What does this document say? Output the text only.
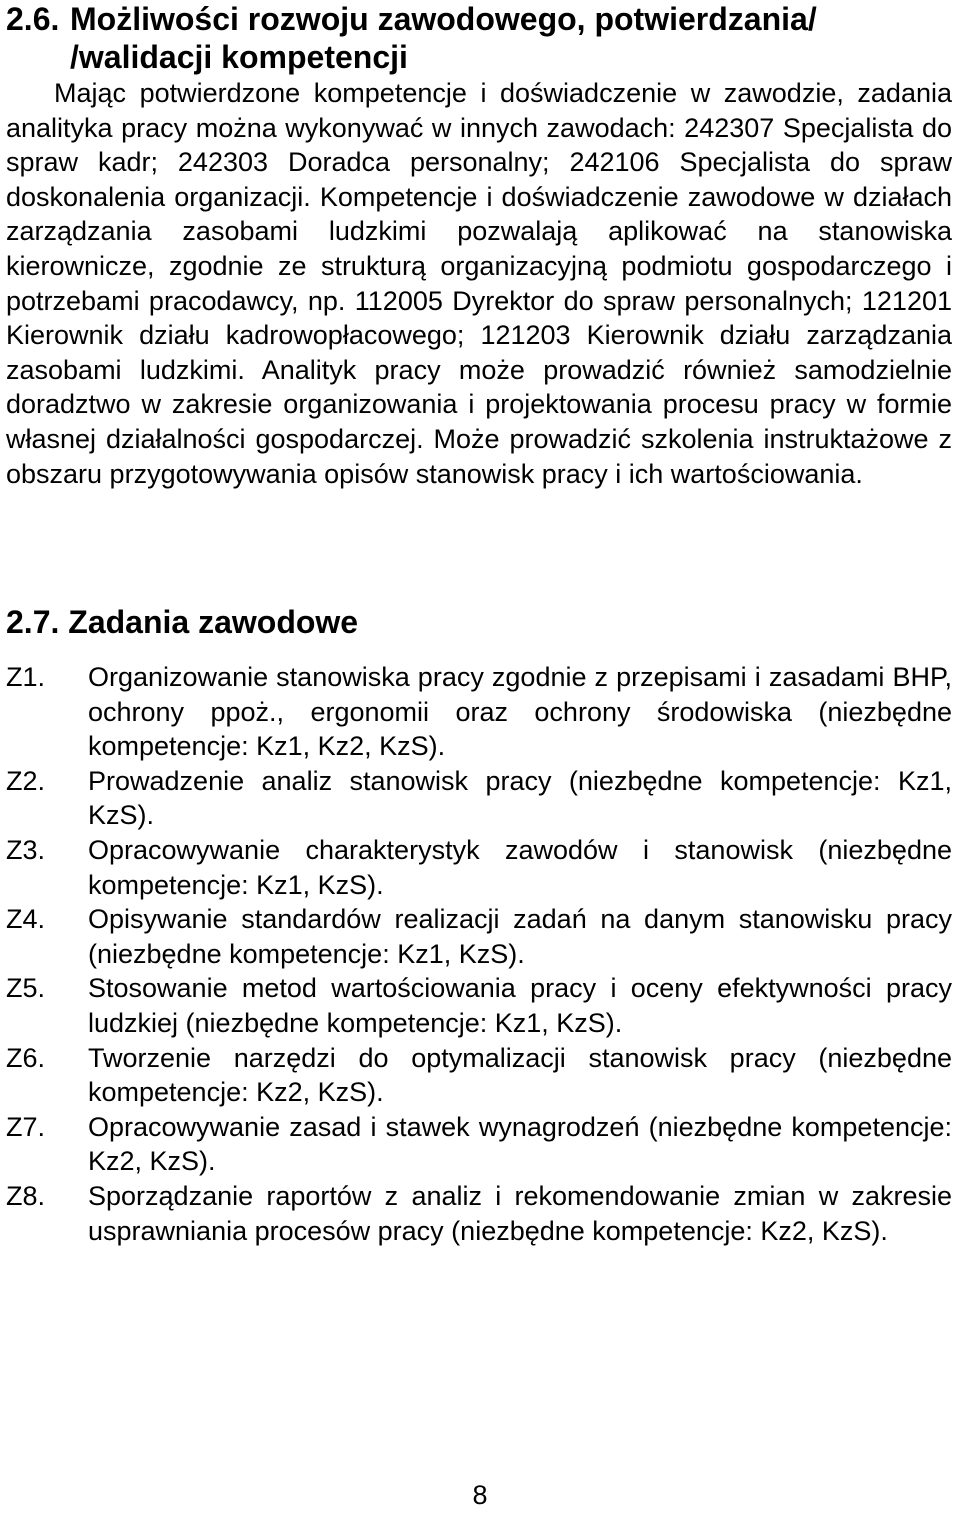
2.6. Możliwości rozwoju zawodowego, potwierdzania/
/walidacji kompetencji

Mając potwierdzone kompetencje i doświadczenie w zawodzie, zadania analityka pracy można wykonywać w innych zawodach: 242307 Specjalista do spraw kadr; 242303 Doradca personalny; 242106 Specjalista do spraw doskonalenia organizacji. Kompetencje i doświadczenie zawodowe w działach zarządzania zasobami ludzkimi pozwalają aplikować na stanowiska kierownicze, zgodnie ze strukturą organizacyjną podmiotu gospodarczego i potrzebami pracodawcy, np. 112005 Dyrektor do spraw personalnych; 121201 Kierownik działu kadrowopłacowego; 121203 Kierownik działu zarządzania zasobami ludzkimi. Analityk pracy może prowadzić również samodzielnie doradztwo w zakresie organizowania i projektowania procesu pracy w formie własnej działalności gospodarczej. Może prowadzić szkolenia instruktażowe z obszaru przygotowywania opisów stanowisk pracy i ich wartościowania.

2.7. Zadania zawodowe
Z1.	Organizowanie stanowiska pracy zgodnie z przepisami i zasadami BHP, ochrony ppoż., ergonomii oraz ochrony środowiska (niezbędne kompetencje: Kz1, Kz2, KzS).
Z2.	Prowadzenie analiz stanowisk pracy (niezbędne kompetencje: Kz1, KzS).
Z3.	Opracowywanie charakterystyk zawodów i stanowisk (niezbędne kompetencje: Kz1, KzS).
Z4.	Opisywanie standardów realizacji zadań na danym stanowisku pracy (niezbędne kompetencje: Kz1, KzS).
Z5.	Stosowanie metod wartościowania pracy i oceny efektywności pracy ludzkiej (niezbędne kompetencje: Kz1, KzS).
Z6.	Tworzenie narzędzi do optymalizacji stanowisk pracy (niezbędne kompetencje: Kz2, KzS).
Z7.	Opracowywanie zasad i stawek wynagrodzeń (niezbędne kompetencje: Kz2, KzS).
Z8.	Sporządzanie raportów z analiz i rekomendowanie zmian w zakresie usprawniania procesów pracy (niezbędne kompetencje: Kz2, KzS).
8
